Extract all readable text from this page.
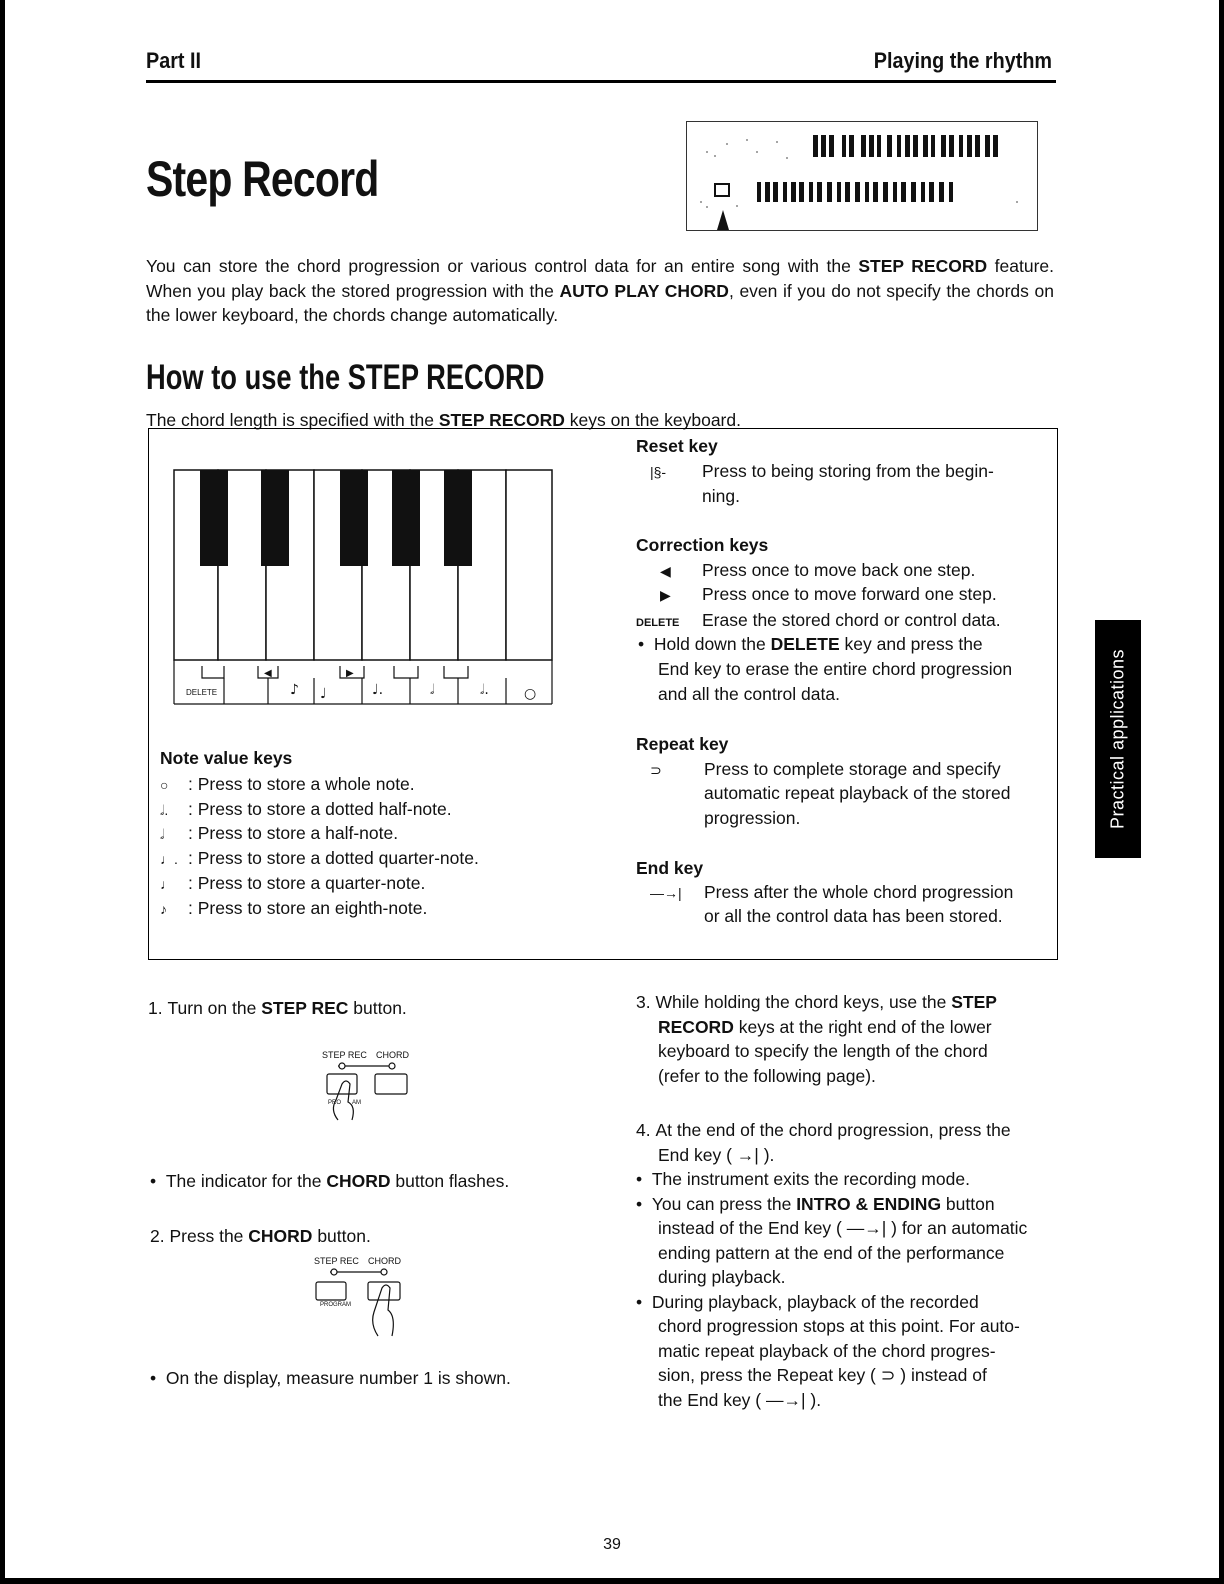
Part II	Playing the rhythm
Step Record
You can store the chord progression or various control data for an entire song with the STEP RECORD feature. When you play back the stored progression with the AUTO PLAY CHORD, even if you do not specify the chords on the lower keyboard, the chords change automatically.
How to use the STEP RECORD
The chord length is specified with the STEP RECORD keys on the keyboard.
♪ ♩	♩.	𝅗𝅥	𝅗𝅥.	○
◀	▶
DELETE
Note value keys
○ : Press to store a whole note.
𝅗𝅥. : Press to store a dotted half-note.
𝅗𝅥 : Press to store a half-note.
♩. : Press to store a dotted quarter-note.
♩ : Press to store a quarter-note.
♪ : Press to store an eighth-note.
Reset key
|§- Press to being storing from the begin-
ning.
Correction keys
◀ Press once to move back one step.
▶ Press once to move forward one step.
DELETE Erase the stored chord or control data.
•  Hold down the DELETE key and press the
End key to erase the entire chord progression
and all the control data.
Repeat key
⊃ Press to complete storage and specify
automatic repeat playback of the stored
progression.
End key
—→| Press after the whole chord progression
or all the control data has been stored.
Practical applications
1. Turn on the STEP REC button.
STEP REC CHORD
PRO AM
•  The indicator for the CHORD button flashes.
2. Press the CHORD button.
STEP REC CHORD
PROGRAM
•  On the display, measure number 1 is shown.
3. While holding the chord keys, use the STEP
RECORD keys at the right end of the lower
keyboard to specify the length of the chord
(refer to the following page).
4. At the end of the chord progression, press the
End key ( →| ).
•  The instrument exits the recording mode.
•  You can press the INTRO & ENDING button
instead of the End key ( —→| ) for an automatic
ending pattern at the end of the performance
during playback.
•  During playback, playback of the recorded
chord progression stops at this point. For auto-
matic repeat playback of the chord progres-
sion, press the Repeat key ( ⊃ ) instead of
the End key ( —→| ).
39
